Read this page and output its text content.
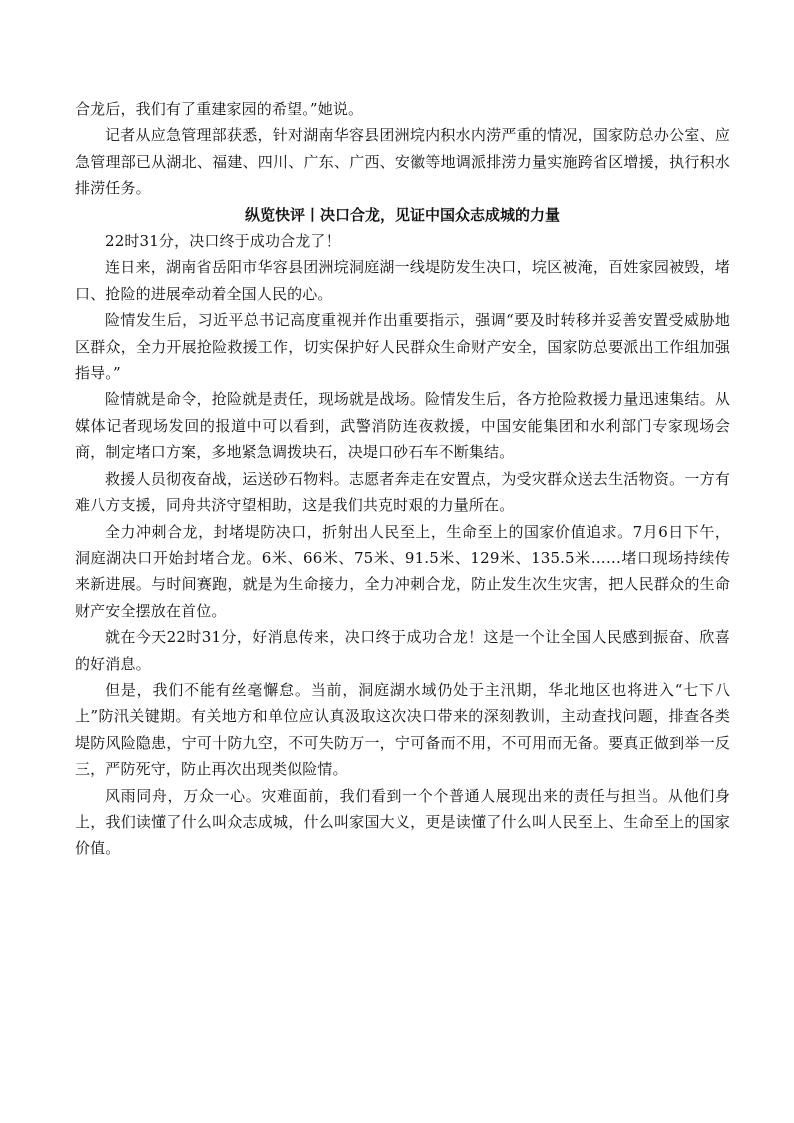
合龙后，我们有了重建家园的希望。”她说。

记者从应急管理部获悉，针对湖南华容县团洲垸内积水内涝严重的情况，国家防总办公室、应急管理部已从湖北、福建、四川、广东、广西、安徽等地调派排涝力量实施跨省区增援，执行积水排涝任务。

纵览快评丨决口合龙，见证中国众志成城的力量

22时31分，决口终于成功合龙了！

连日来，湖南省岳阳市华容县团洲垸洞庭湖一线堤防发生决口，垸区被淹，百姓家园被毁，堵口、抢险的进展牵动着全国人民的心。

险情发生后，习近平总书记高度重视并作出重要指示，强调“要及时转移并妥善安置受威胁地区群众，全力开展抢险救援工作，切实保护好人民群众生命财产安全，国家防总要派出工作组加强指导。”

险情就是命令，抢险就是责任，现场就是战场。险情发生后，各方抢险救援力量迅速集结。从媒体记者现场发回的报道中可以看到，武警消防连夜救援，中国安能集团和水利部门专家现场会商，制定堵口方案，多地紧急调拨块石，决堤口砂石车不断集结。

救援人员彻夜奋战，运送砂石物料。志愿者奔走在安置点，为受灾群众送去生活物资。一方有难八方支援，同舟共济守望相助，这是我们共克时艰的力量所在。

全力冲刺合龙，封堵堤防决口，折射出人民至上，生命至上的国家价值追求。7月6日下午，洞庭湖决口开始封堵合龙。6米、66米、75米、91.5米、129米、135.5米……堵口现场持续传来新进展。与时间赛跑，就是为生命接力，全力冲刺合龙，防止发生次生灾害，把人民群众的生命财产安全摆放在首位。

就在今天22时31分，好消息传来，决口终于成功合龙！这是一个让全国人民感到振奋、欣喜的好消息。

但是，我们不能有丝毫懈怠。当前，洞庭湖水域仍处于主汛期，华北地区也将进入“七下八上”防汛关键期。有关地方和单位应认真汲取这次决口带来的深刻教训，主动查找问题，排查各类堤防风险隐患，宁可十防九空，不可失防万一，宁可备而不用，不可用而无备。要真正做到举一反三，严防死守，防止再次出现类似险情。

风雨同舟，万众一心。灾难面前，我们看到一个个普通人展现出来的责任与担当。从他们身上，我们读懂了什么叫众志成城，什么叫家国大义，更是读懂了什么叫人民至上、生命至上的国家价值。
